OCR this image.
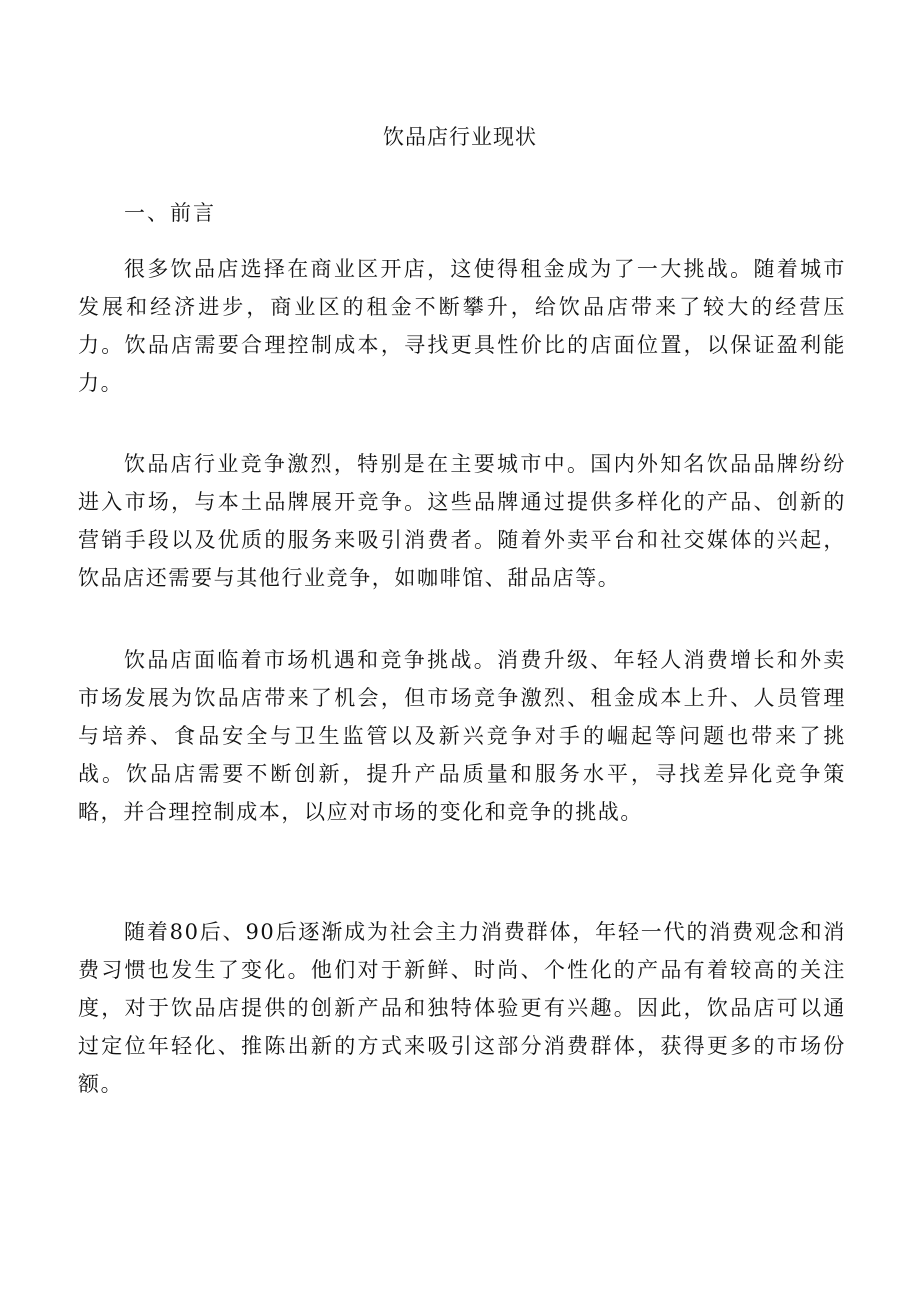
饮品店行业现状
一、前言

很多饮品店选择在商业区开店，这使得租金成为了一大挑战。随着城市发展和经济进步，商业区的租金不断攀升，给饮品店带来了较大的经营压力。饮品店需要合理控制成本，寻找更具性价比的店面位置，以保证盈利能力。

饮品店行业竞争激烈，特别是在主要城市中。国内外知名饮品品牌纷纷进入市场，与本土品牌展开竞争。这些品牌通过提供多样化的产品、创新的营销手段以及优质的服务来吸引消费者。随着外卖平台和社交媒体的兴起，饮品店还需要与其他行业竞争，如咖啡馆、甜品店等。

饮品店面临着市场机遇和竞争挑战。消费升级、年轻人消费增长和外卖市场发展为饮品店带来了机会，但市场竞争激烈、租金成本上升、人员管理与培养、食品安全与卫生监管以及新兴竞争对手的崛起等问题也带来了挑战。饮品店需要不断创新，提升产品质量和服务水平，寻找差异化竞争策略，并合理控制成本，以应对市场的变化和竞争的挑战。

随着80后、90后逐渐成为社会主力消费群体，年轻一代的消费观念和消费习惯也发生了变化。他们对于新鲜、时尚、个性化的产品有着较高的关注度，对于饮品店提供的创新产品和独特体验更有兴趣。因此，饮品店可以通过定位年轻化、推陈出新的方式来吸引这部分消费群体，获得更多的市场份额。
